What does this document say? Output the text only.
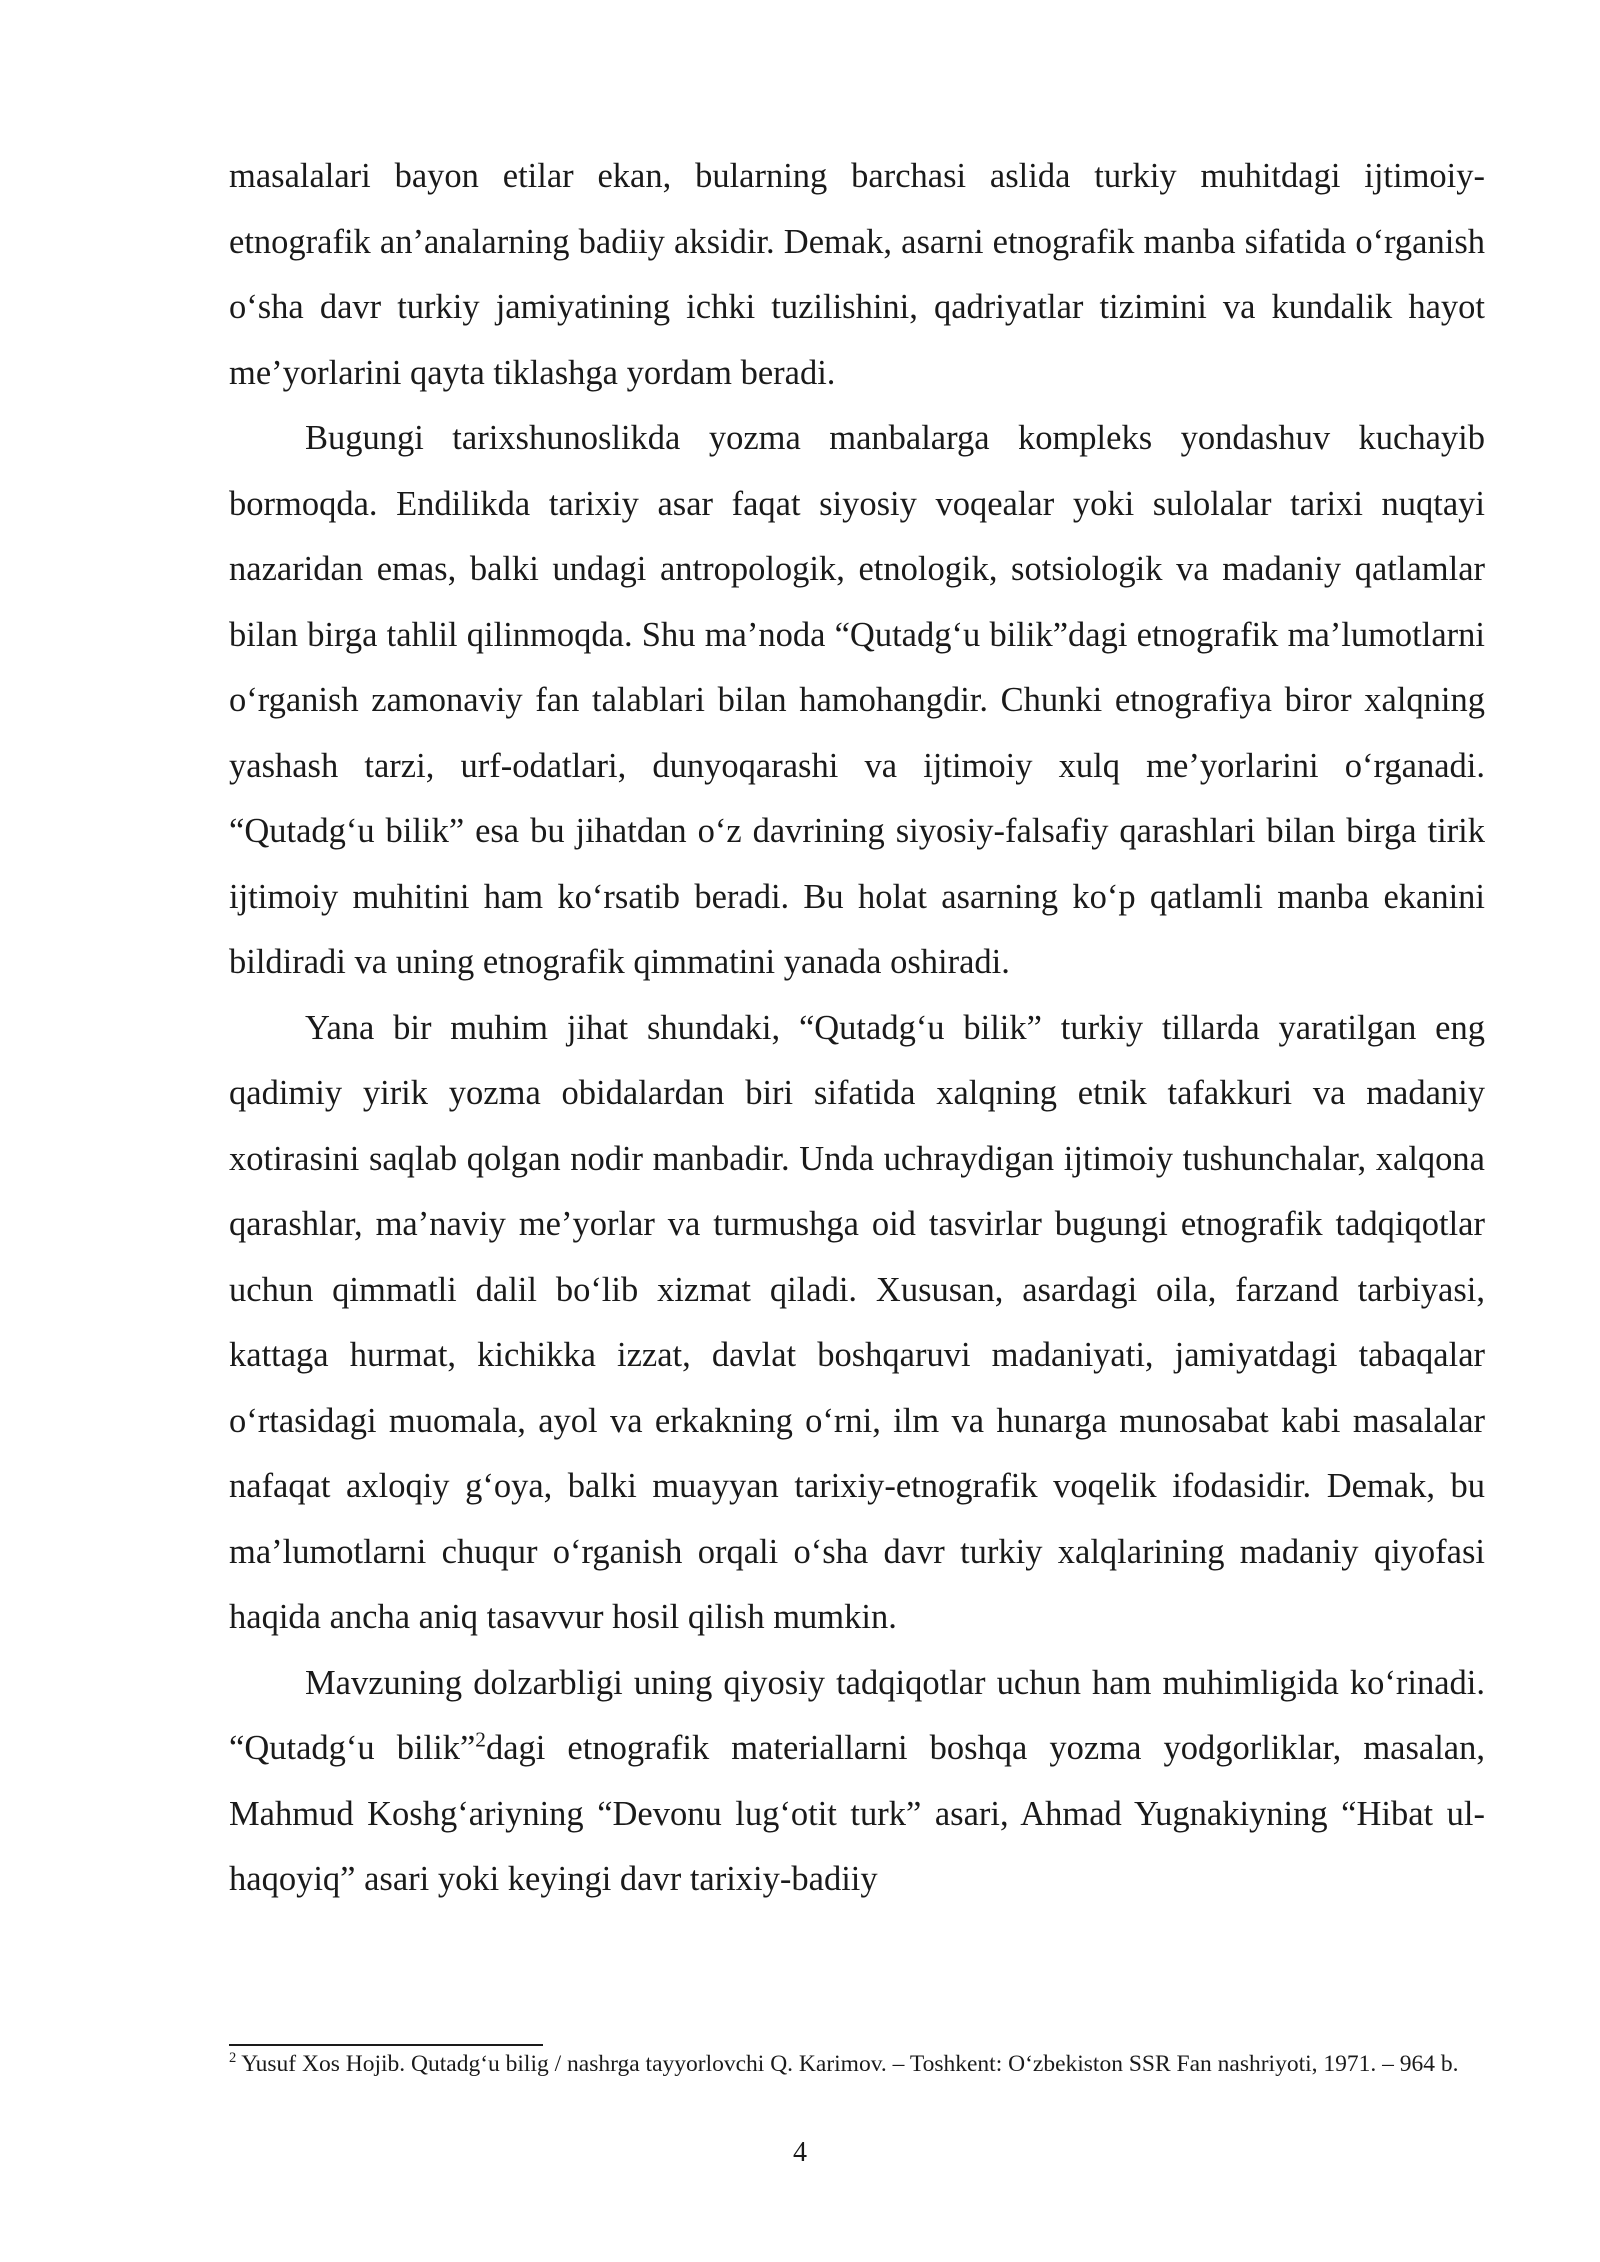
masalalari bayon etilar ekan, bularning barchasi aslida turkiy muhitdagi ijtimoiy-etnografik an’analarning badiiy aksidir. Demak, asarni etnografik manba sifatida o‘rganish o‘sha davr turkiy jamiyatining ichki tuzilishini, qadriyatlar tizimini va kundalik hayot me’yorlarini qayta tiklashga yordam beradi.

Bugungi tarixshunoslikda yozma manbalarga kompleks yondashuv kuchayib bormoqda. Endilikda tarixiy asar faqat siyosiy voqealar yoki sulolalar tarixi nuqtayi nazaridan emas, balki undagi antropologik, etnologik, sotsiologik va madaniy qatlamlar bilan birga tahlil qilinmoqda. Shu ma’noda “Qutadg‘u bilik”dagi etnografik ma’lumotlarni o‘rganish zamonaviy fan talablari bilan hamohangdir. Chunki etnografiya biror xalqning yashash tarzi, urf-odatlari, dunyoqarashi va ijtimoiy xulq me’yorlarini o‘rganadi. “Qutadg‘u bilik” esa bu jihatdan o‘z davrining siyosiy-falsafiy qarashlari bilan birga tirik ijtimoiy muhitini ham ko‘rsatib beradi. Bu holat asarning ko‘p qatlamli manba ekanini bildiradi va uning etnografik qimmatini yanada oshiradi.

Yana bir muhim jihat shundaki, “Qutadg‘u bilik” turkiy tillarda yaratilgan eng qadimiy yirik yozma obidalardan biri sifatida xalqning etnik tafakkuri va madaniy xotirasini saqlab qolgan nodir manbadir. Unda uchraydigan ijtimoiy tushunchalar, xalqona qarashlar, ma’naviy me’yorlar va turmushga oid tasvirlar bugungi etnografik tadqiqotlar uchun qimmatli dalil bo‘lib xizmat qiladi. Xususan, asardagi oila, farzand tarbiyasi, kattaga hurmat, kichikka izzat, davlat boshqaruvi madaniyati, jamiyatdagi tabaqalar o‘rtasidagi muomala, ayol va erkakning o‘rni, ilm va hunarga munosabat kabi masalalar nafaqat axloqiy g‘oya, balki muayyan tarixiy-etnografik voqelik ifodasidir. Demak, bu ma’lumotlarni chuqur o‘rganish orqali o‘sha davr turkiy xalqlarining madaniy qiyofasi haqida ancha aniq tasavvur hosil qilish mumkin.

Mavzuning dolzarbligi uning qiyosiy tadqiqotlar uchun ham muhimligida ko‘rinadi. “Qutadg‘u bilik”$^2$dagi etnografik materiallarni boshqa yozma yodgorliklar, masalan, Mahmud Koshg‘ariyning “Devonu lug‘otit turk” asari, Ahmad Yugnakiyning “Hibat ul-haqoyiq” asari yoki keyingi davr tarixiy-badiiy

$^2$ Yusuf Xos Hojib. Qutadg‘u bilig / nashrga tayyorlovchi Q. Karimov. – Toshkent: O‘zbekiston SSR Fan nashriyoti, 1971. – 964 b.
4
